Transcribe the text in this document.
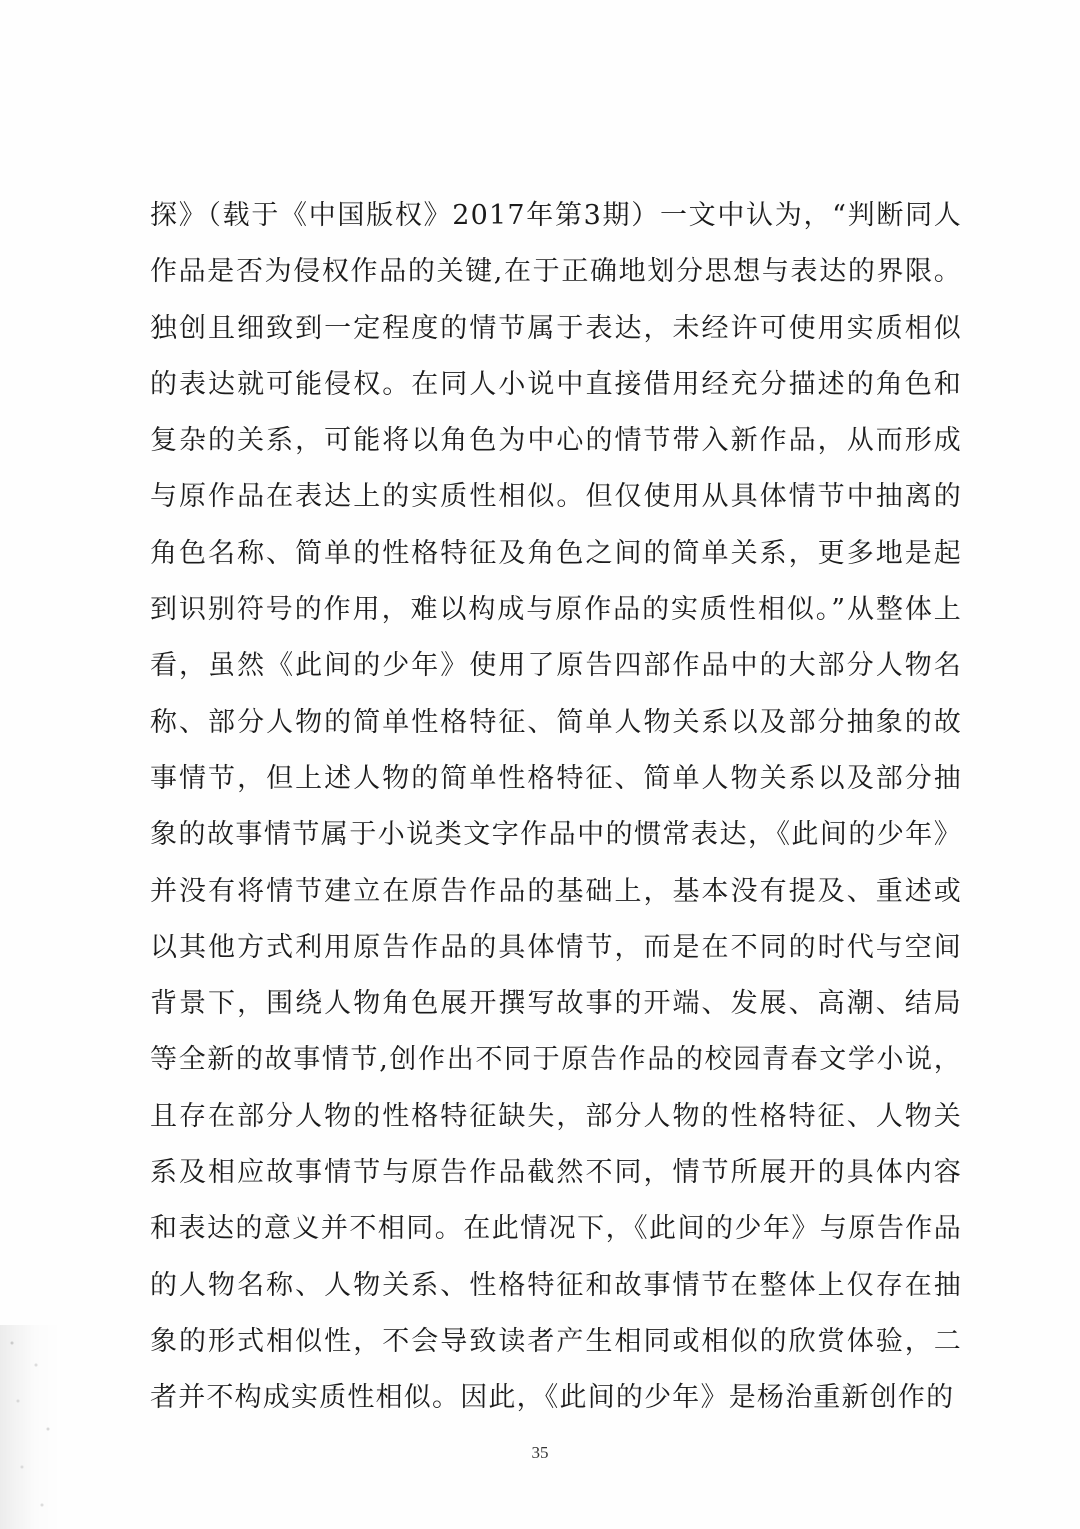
探》（载于《中国版权》2017年第3期）一文中认为，“判断同人
作品是否为侵权作品的关键,在于正确地划分思想与表达的界限。
独创且细致到一定程度的情节属于表达，未经许可使用实质相似
的表达就可能侵权。在同人小说中直接借用经充分描述的角色和
复杂的关系，可能将以角色为中心的情节带入新作品，从而形成
与原作品在表达上的实质性相似。但仅使用从具体情节中抽离的
角色名称、简单的性格特征及角色之间的简单关系，更多地是起
到识别符号的作用，难以构成与原作品的实质性相似。”从整体上
看，虽然《此间的少年》使用了原告四部作品中的大部分人物名
称、部分人物的简单性格特征、简单人物关系以及部分抽象的故
事情节，但上述人物的简单性格特征、简单人物关系以及部分抽
象的故事情节属于小说类文字作品中的惯常表达，《此间的少年》
并没有将情节建立在原告作品的基础上，基本没有提及、重述或
以其他方式利用原告作品的具体情节，而是在不同的时代与空间
背景下，围绕人物角色展开撰写故事的开端、发展、高潮、结局
等全新的故事情节,创作出不同于原告作品的校园青春文学小说，
且存在部分人物的性格特征缺失，部分人物的性格特征、人物关
系及相应故事情节与原告作品截然不同，情节所展开的具体内容
和表达的意义并不相同。在此情况下，《此间的少年》与原告作品
的人物名称、人物关系、性格特征和故事情节在整体上仅存在抽
象的形式相似性，不会导致读者产生相同或相似的欣赏体验，二
者并不构成实质性相似。因此，《此间的少年》是杨治重新创作的
35
